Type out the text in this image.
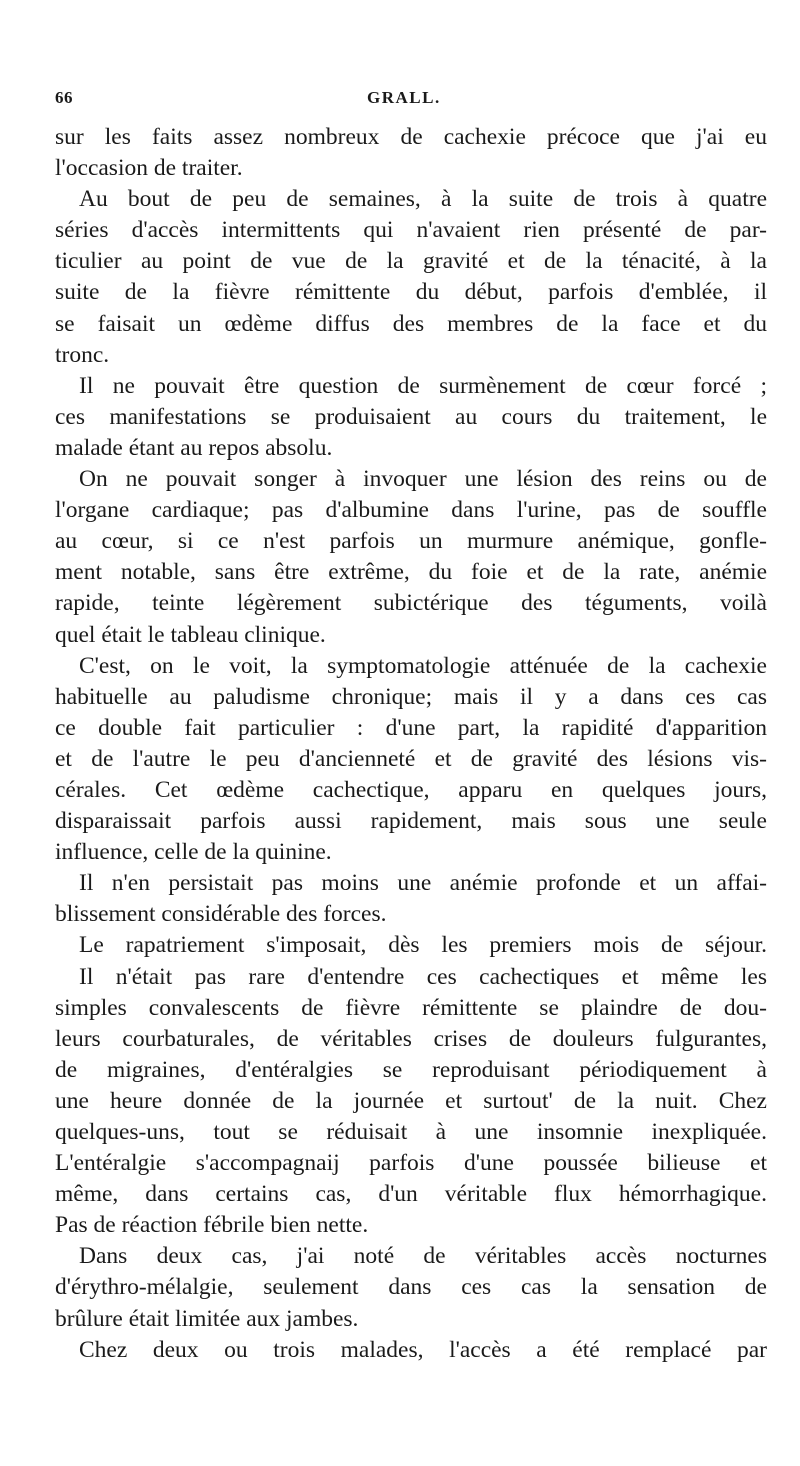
66	GRALL.
sur les faits assez nombreux de cachexie précoce que j'ai eu
l'occasion de traiter.
Au bout de peu de semaines, à la suite de trois à quatre
séries d'accès intermittents qui n'avaient rien présenté de par-
ticulier au point de vue de la gravité et de la ténacité, à la
suite de la fièvre rémittente du début, parfois d'emblée, il
se faisait un œdème diffus des membres de la face et du
tronc.
Il ne pouvait être question de surmènement de cœur forcé ;
ces manifestations se produisaient au cours du traitement, le
malade étant au repos absolu.
On ne pouvait songer à invoquer une lésion des reins ou de
l'organe cardiaque; pas d'albumine dans l'urine, pas de souffle
au cœur, si ce n'est parfois un murmure anémique, gonfle-
ment notable, sans être extrême, du foie et de la rate, anémie
rapide, teinte légèrement subictérique des téguments, voilà
quel était le tableau clinique.
C'est, on le voit, la symptomatologie atténuée de la cachexie
habituelle au paludisme chronique; mais il y a dans ces cas
ce double fait particulier : d'une part, la rapidité d'apparition
et de l'autre le peu d'ancienneté et de gravité des lésions vis-
cérales. Cet œdème cachectique, apparu en quelques jours,
disparaissait parfois aussi rapidement, mais sous une seule
influence, celle de la quinine.
Il n'en persistait pas moins une anémie profonde et un affai-
blissement considérable des forces.
Le rapatriement s'imposait, dès les premiers mois de séjour.
Il n'était pas rare d'entendre ces cachectiques et même les
simples convalescents de fièvre rémittente se plaindre de dou-
leurs courbaturales, de véritables crises de douleurs fulgurantes,
de migraines, d'entéralgies se reproduisant périodiquement à
une heure donnée de la journée et surtout' de la nuit. Chez
quelques-uns, tout se réduisait à une insomnie inexpliquée.
L'entéralgie s'accompagnaij parfois d'une poussée bilieuse et
même, dans certains cas, d'un véritable flux hémorrhagique.
Pas de réaction fébrile bien nette.
Dans deux cas, j'ai noté de véritables accès nocturnes
d'érythro-mélalgie, seulement dans ces cas la sensation de
brûlure était limitée aux jambes.
Chez deux ou trois malades, l'accès a été remplacé par
